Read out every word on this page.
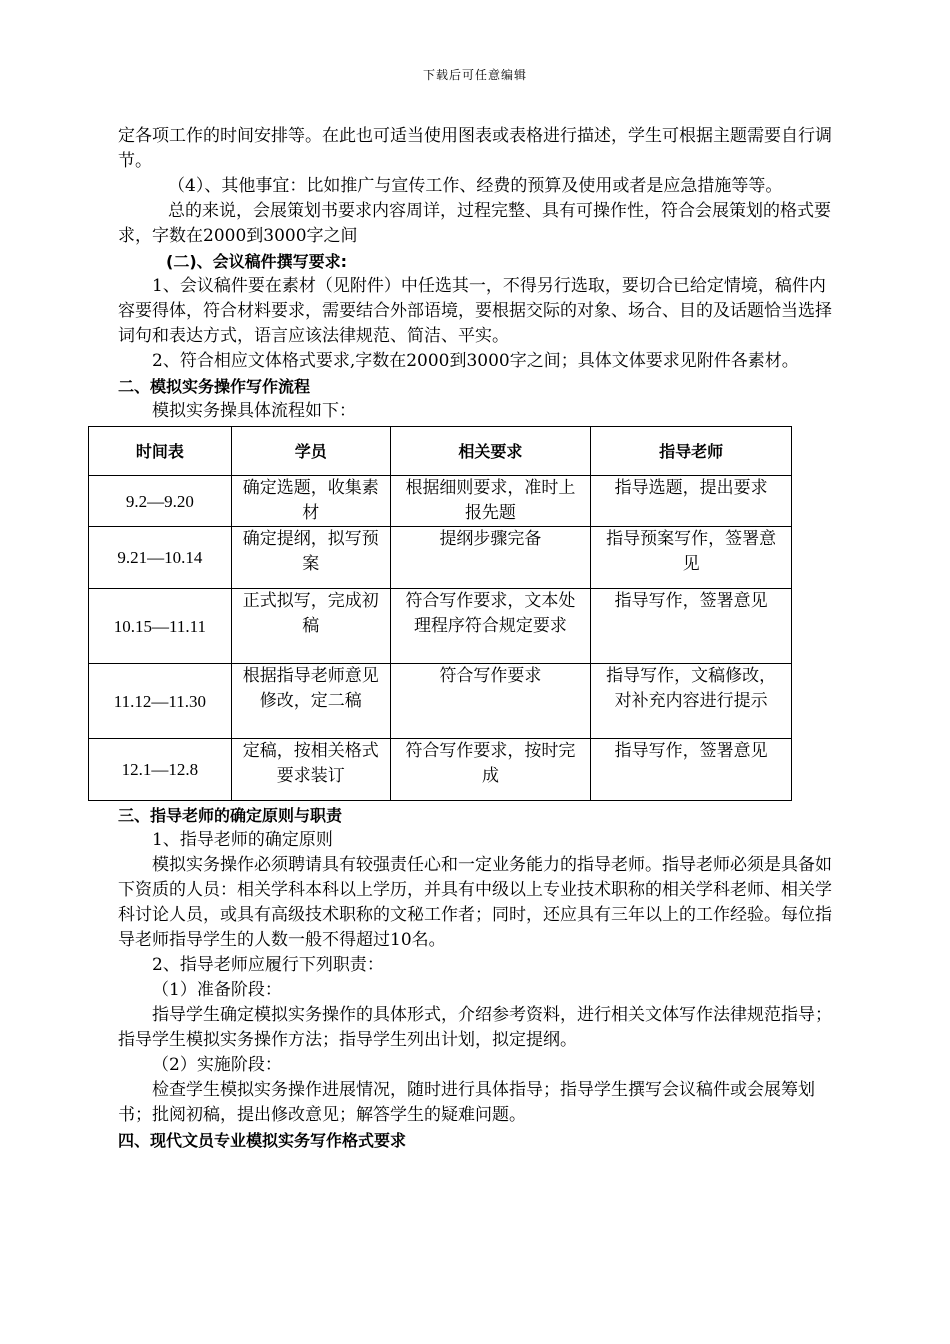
下载后可任意编辑

定各项工作的时间安排等。在此也可适当使用图表或表格进行描述，学生可根据主题需要自行调节。

（4）、其他事宜：比如推广与宣传工作、经费的预算及使用或者是应急措施等等。

总的来说，会展策划书要求内容周详，过程完整、具有可操作性，符合会展策划的格式要求，字数在2000到3000字之间

(二)、会议稿件撰写要求:

1、会议稿件要在素材（见附件）中任选其一，不得另行选取，要切合已给定情境，稿件内容要得体，符合材料要求，需要结合外部语境，要根据交际的对象、场合、目的及话题恰当选择词句和表达方式，语言应该法律规范、简洁、平实。

2、符合相应文体格式要求,字数在2000到3000字之间；具体文体要求见附件各素材。

二、模拟实务操作写作流程

模拟实务操具体流程如下：

时间表	学员	相关要求	指导老师
9.2—9.20	确定选题，收集素材	根据细则要求，准时上报先题	指导选题，提出要求
9.21—10.14	确定提纲，拟写预案	提纲步骤完备	指导预案写作，签署意见
10.15—11.11	正式拟写，完成初稿	符合写作要求，文本处理程序符合规定要求	指导写作，签署意见
11.12—11.30	根据指导老师意见修改，定二稿	符合写作要求	指导写作，文稿修改，对补充内容进行提示
12.1—12.8	定稿，按相关格式要求装订	符合写作要求，按时完成	指导写作，签署意见

三、指导老师的确定原则与职责

1、指导老师的确定原则

模拟实务操作必须聘请具有较强责任心和一定业务能力的指导老师。指导老师必须是具备如下资质的人员：相关学科本科以上学历，并具有中级以上专业技术职称的相关学科老师、相关学科讨论人员，或具有高级技术职称的文秘工作者；同时，还应具有三年以上的工作经验。每位指导老师指导学生的人数一般不得超过10名。

2、指导老师应履行下列职责：

（1）准备阶段：

指导学生确定模拟实务操作的具体形式，介绍参考资料，进行相关文体写作法律规范指导；指导学生模拟实务操作方法；指导学生列出计划，拟定提纲。

（2）实施阶段：

检查学生模拟实务操作进展情况，随时进行具体指导；指导学生撰写会议稿件或会展筹划书；批阅初稿，提出修改意见；解答学生的疑难问题。

四、现代文员专业模拟实务写作格式要求
